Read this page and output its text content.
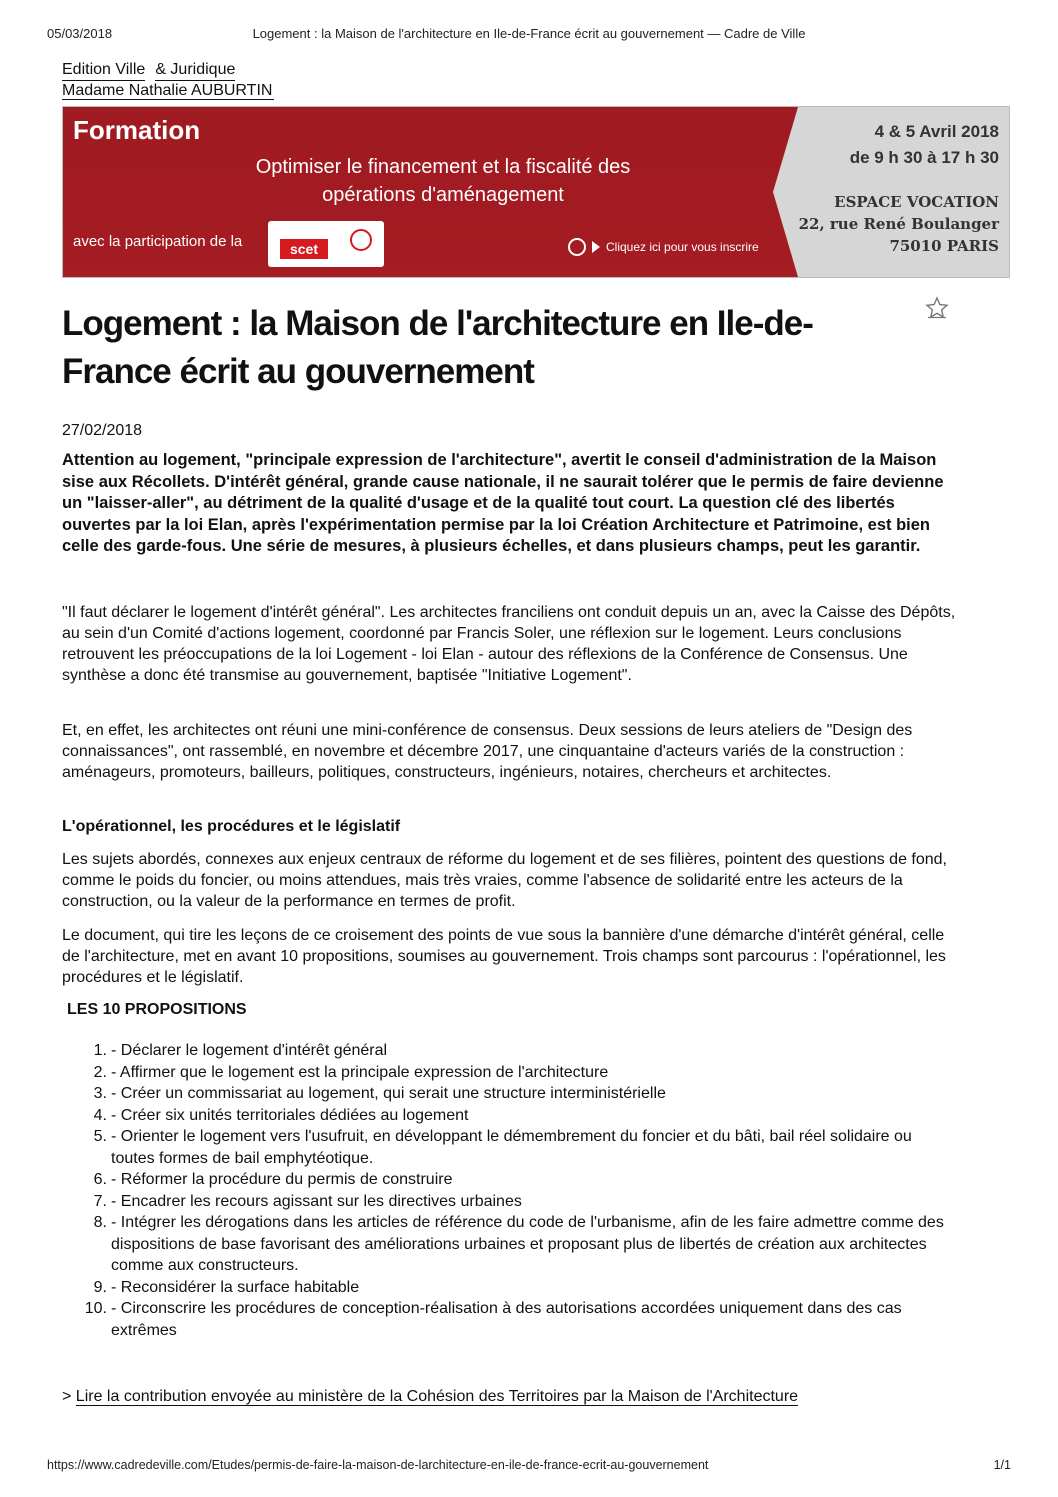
05/03/2018	Logement : la Maison de l'architecture en Ile-de-France écrit au gouvernement — Cadre de Ville
Edition Ville & Juridique
Madame Nathalie AUBURTIN
Formation
Optimiser le financement et la fiscalité des
opérations d'aménagement
avec la participation de la	scet	Cliquez ici pour vous inscrire
4 & 5 Avril 2018
de 9 h 30 à 17 h 30
ESPACE VOCATION
22, rue René Boulanger
75010 PARIS
Logement : la Maison de l'architecture en Ile-de-France écrit au gouvernement
27/02/2018

Attention au logement, "principale expression de l'architecture", avertit le conseil d'administration de la Maison sise aux Récollets. D'intérêt général, grande cause nationale, il ne saurait tolérer que le permis de faire devienne un "laisser-aller", au détriment de la qualité d'usage et de la qualité tout court. La question clé des libertés ouvertes par la loi Elan, après l'expérimentation permise par la loi Création Architecture et Patrimoine, est bien celle des garde-fous. Une série de mesures, à plusieurs échelles, et dans plusieurs champs, peut les garantir.

"Il faut déclarer le logement d'intérêt général". Les architectes franciliens ont conduit depuis un an, avec la Caisse des Dépôts, au sein d'un Comité d'actions logement, coordonné par Francis Soler, une réflexion sur le logement. Leurs conclusions retrouvent les préoccupations de la loi Logement - loi Elan - autour des réflexions de la Conférence de Consensus. Une synthèse a donc été transmise au gouvernement, baptisée "Initiative Logement".

Et, en effet, les architectes ont réuni une mini-conférence de consensus. Deux sessions de leurs ateliers de "Design des connaissances", ont rassemblé, en novembre et décembre 2017, une cinquantaine d'acteurs variés de la construction : aménageurs, promoteurs, bailleurs, politiques, constructeurs, ingénieurs, notaires, chercheurs et architectes.

L'opérationnel, les procédures et le législatif

Les sujets abordés, connexes aux enjeux centraux de réforme du logement et de ses filières, pointent des questions de fond, comme le poids du foncier, ou moins attendues, mais très vraies, comme l'absence de solidarité entre les acteurs de la construction, ou la valeur de la performance en termes de profit.

Le document, qui tire les leçons de ce croisement des points de vue sous la bannière d'une démarche d'intérêt général, celle de l'architecture, met en avant 10 propositions, soumises au gouvernement. Trois champs sont parcourus : l'opérationnel, les procédures et le législatif.

LES 10 PROPOSITIONS
1. - Déclarer le logement d'intérêt général
2. - Affirmer que le logement est la principale expression de l'architecture
3. - Créer un commissariat au logement, qui serait une structure interministérielle
4. - Créer six unités territoriales dédiées au logement
5. - Orienter le logement vers l'usufruit, en développant le démembrement du foncier et du bâti, bail réel solidaire ou toutes formes de bail emphytéotique.
6. - Réformer la procédure du permis de construire
7. - Encadrer les recours agissant sur les directives urbaines
8. - Intégrer les dérogations dans les articles de référence du code de l'urbanisme, afin de les faire admettre comme des dispositions de base favorisant des améliorations urbaines et proposant plus de libertés de création aux architectes comme aux constructeurs.
9. - Reconsidérer la surface habitable
10. - Circonscrire les procédures de conception-réalisation à des autorisations accordées uniquement dans des cas extrêmes
> Lire la contribution envoyée au ministère de la Cohésion des Territoires par la Maison de l'Architecture
https://www.cadredeville.com/Etudes/permis-de-faire-la-maison-de-larchitecture-en-ile-de-france-ecrit-au-gouvernement	1/1
